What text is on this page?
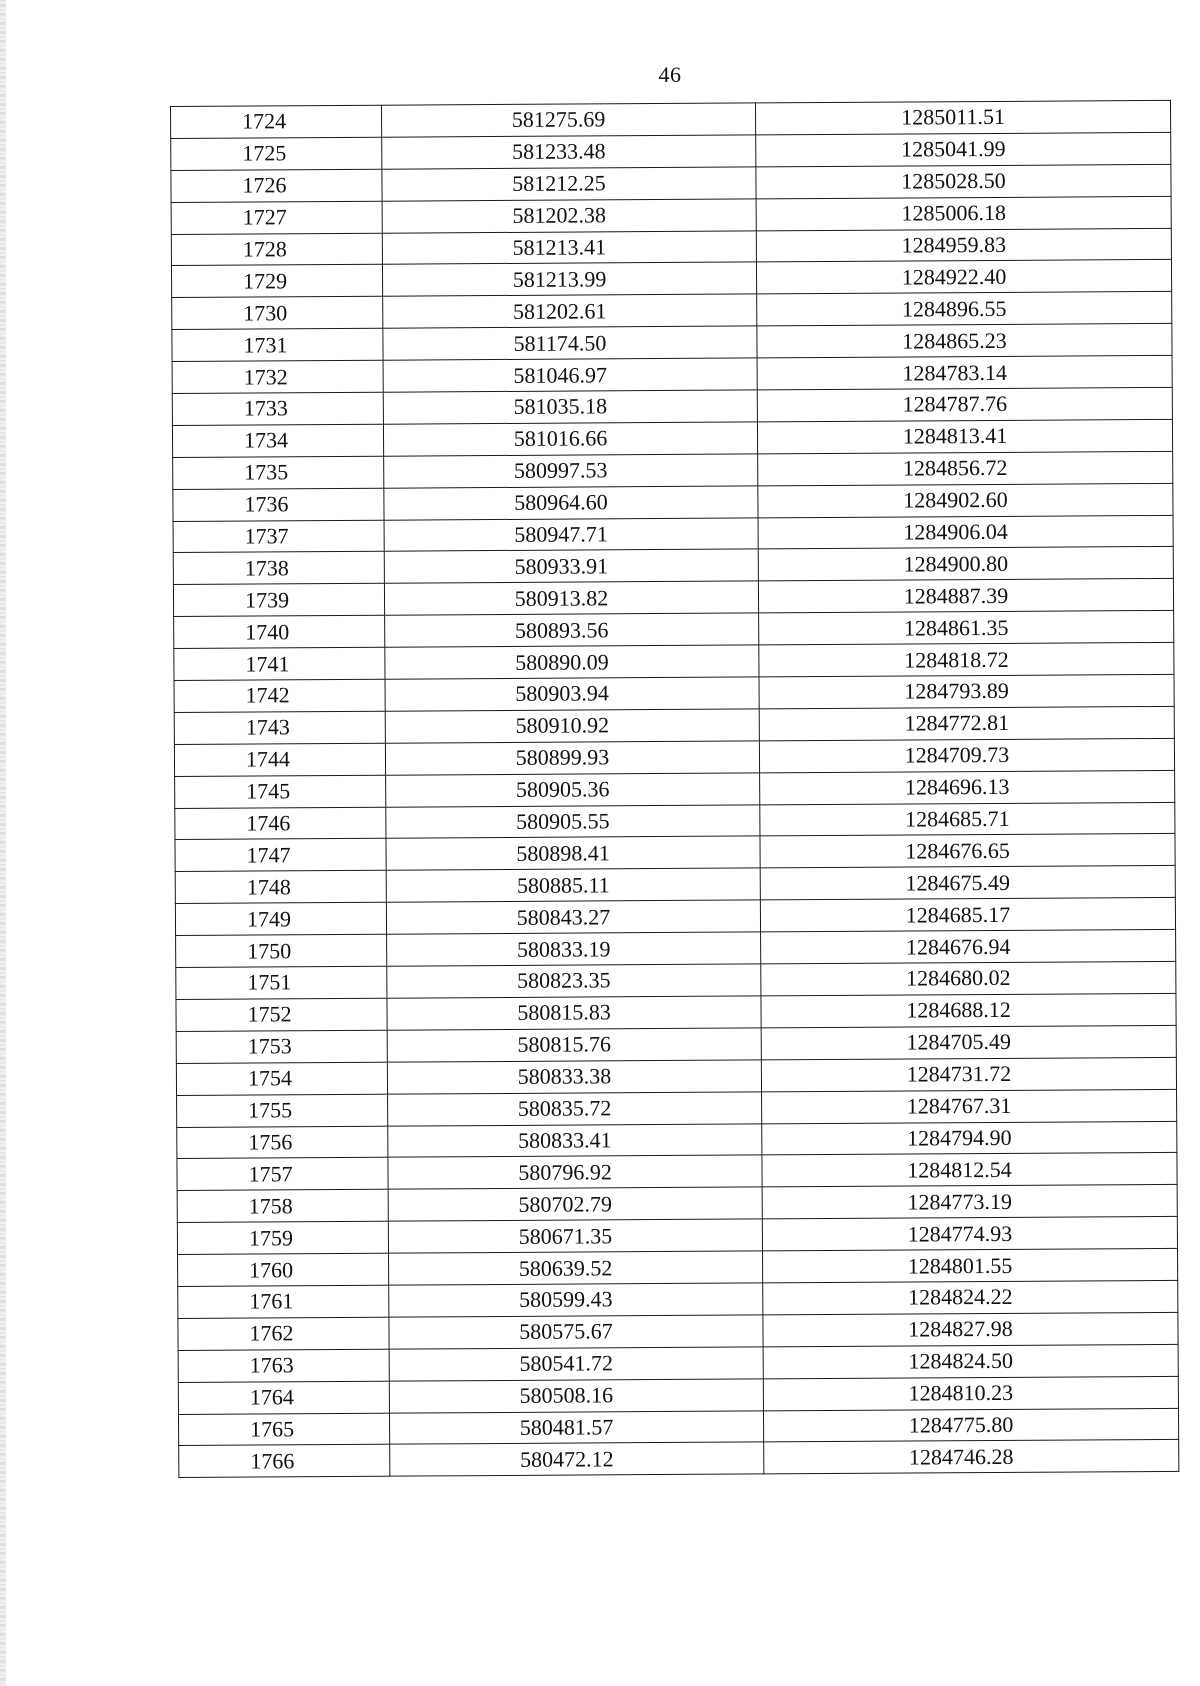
46
1724	581275.69	1285011.51
1725	581233.48	1285041.99
1726	581212.25	1285028.50
1727	581202.38	1285006.18
1728	581213.41	1284959.83
1729	581213.99	1284922.40
1730	581202.61	1284896.55
1731	581174.50	1284865.23
1732	581046.97	1284783.14
1733	581035.18	1284787.76
1734	581016.66	1284813.41
1735	580997.53	1284856.72
1736	580964.60	1284902.60
1737	580947.71	1284906.04
1738	580933.91	1284900.80
1739	580913.82	1284887.39
1740	580893.56	1284861.35
1741	580890.09	1284818.72
1742	580903.94	1284793.89
1743	580910.92	1284772.81
1744	580899.93	1284709.73
1745	580905.36	1284696.13
1746	580905.55	1284685.71
1747	580898.41	1284676.65
1748	580885.11	1284675.49
1749	580843.27	1284685.17
1750	580833.19	1284676.94
1751	580823.35	1284680.02
1752	580815.83	1284688.12
1753	580815.76	1284705.49
1754	580833.38	1284731.72
1755	580835.72	1284767.31
1756	580833.41	1284794.90
1757	580796.92	1284812.54
1758	580702.79	1284773.19
1759	580671.35	1284774.93
1760	580639.52	1284801.55
1761	580599.43	1284824.22
1762	580575.67	1284827.98
1763	580541.72	1284824.50
1764	580508.16	1284810.23
1765	580481.57	1284775.80
1766	580472.12	1284746.28
